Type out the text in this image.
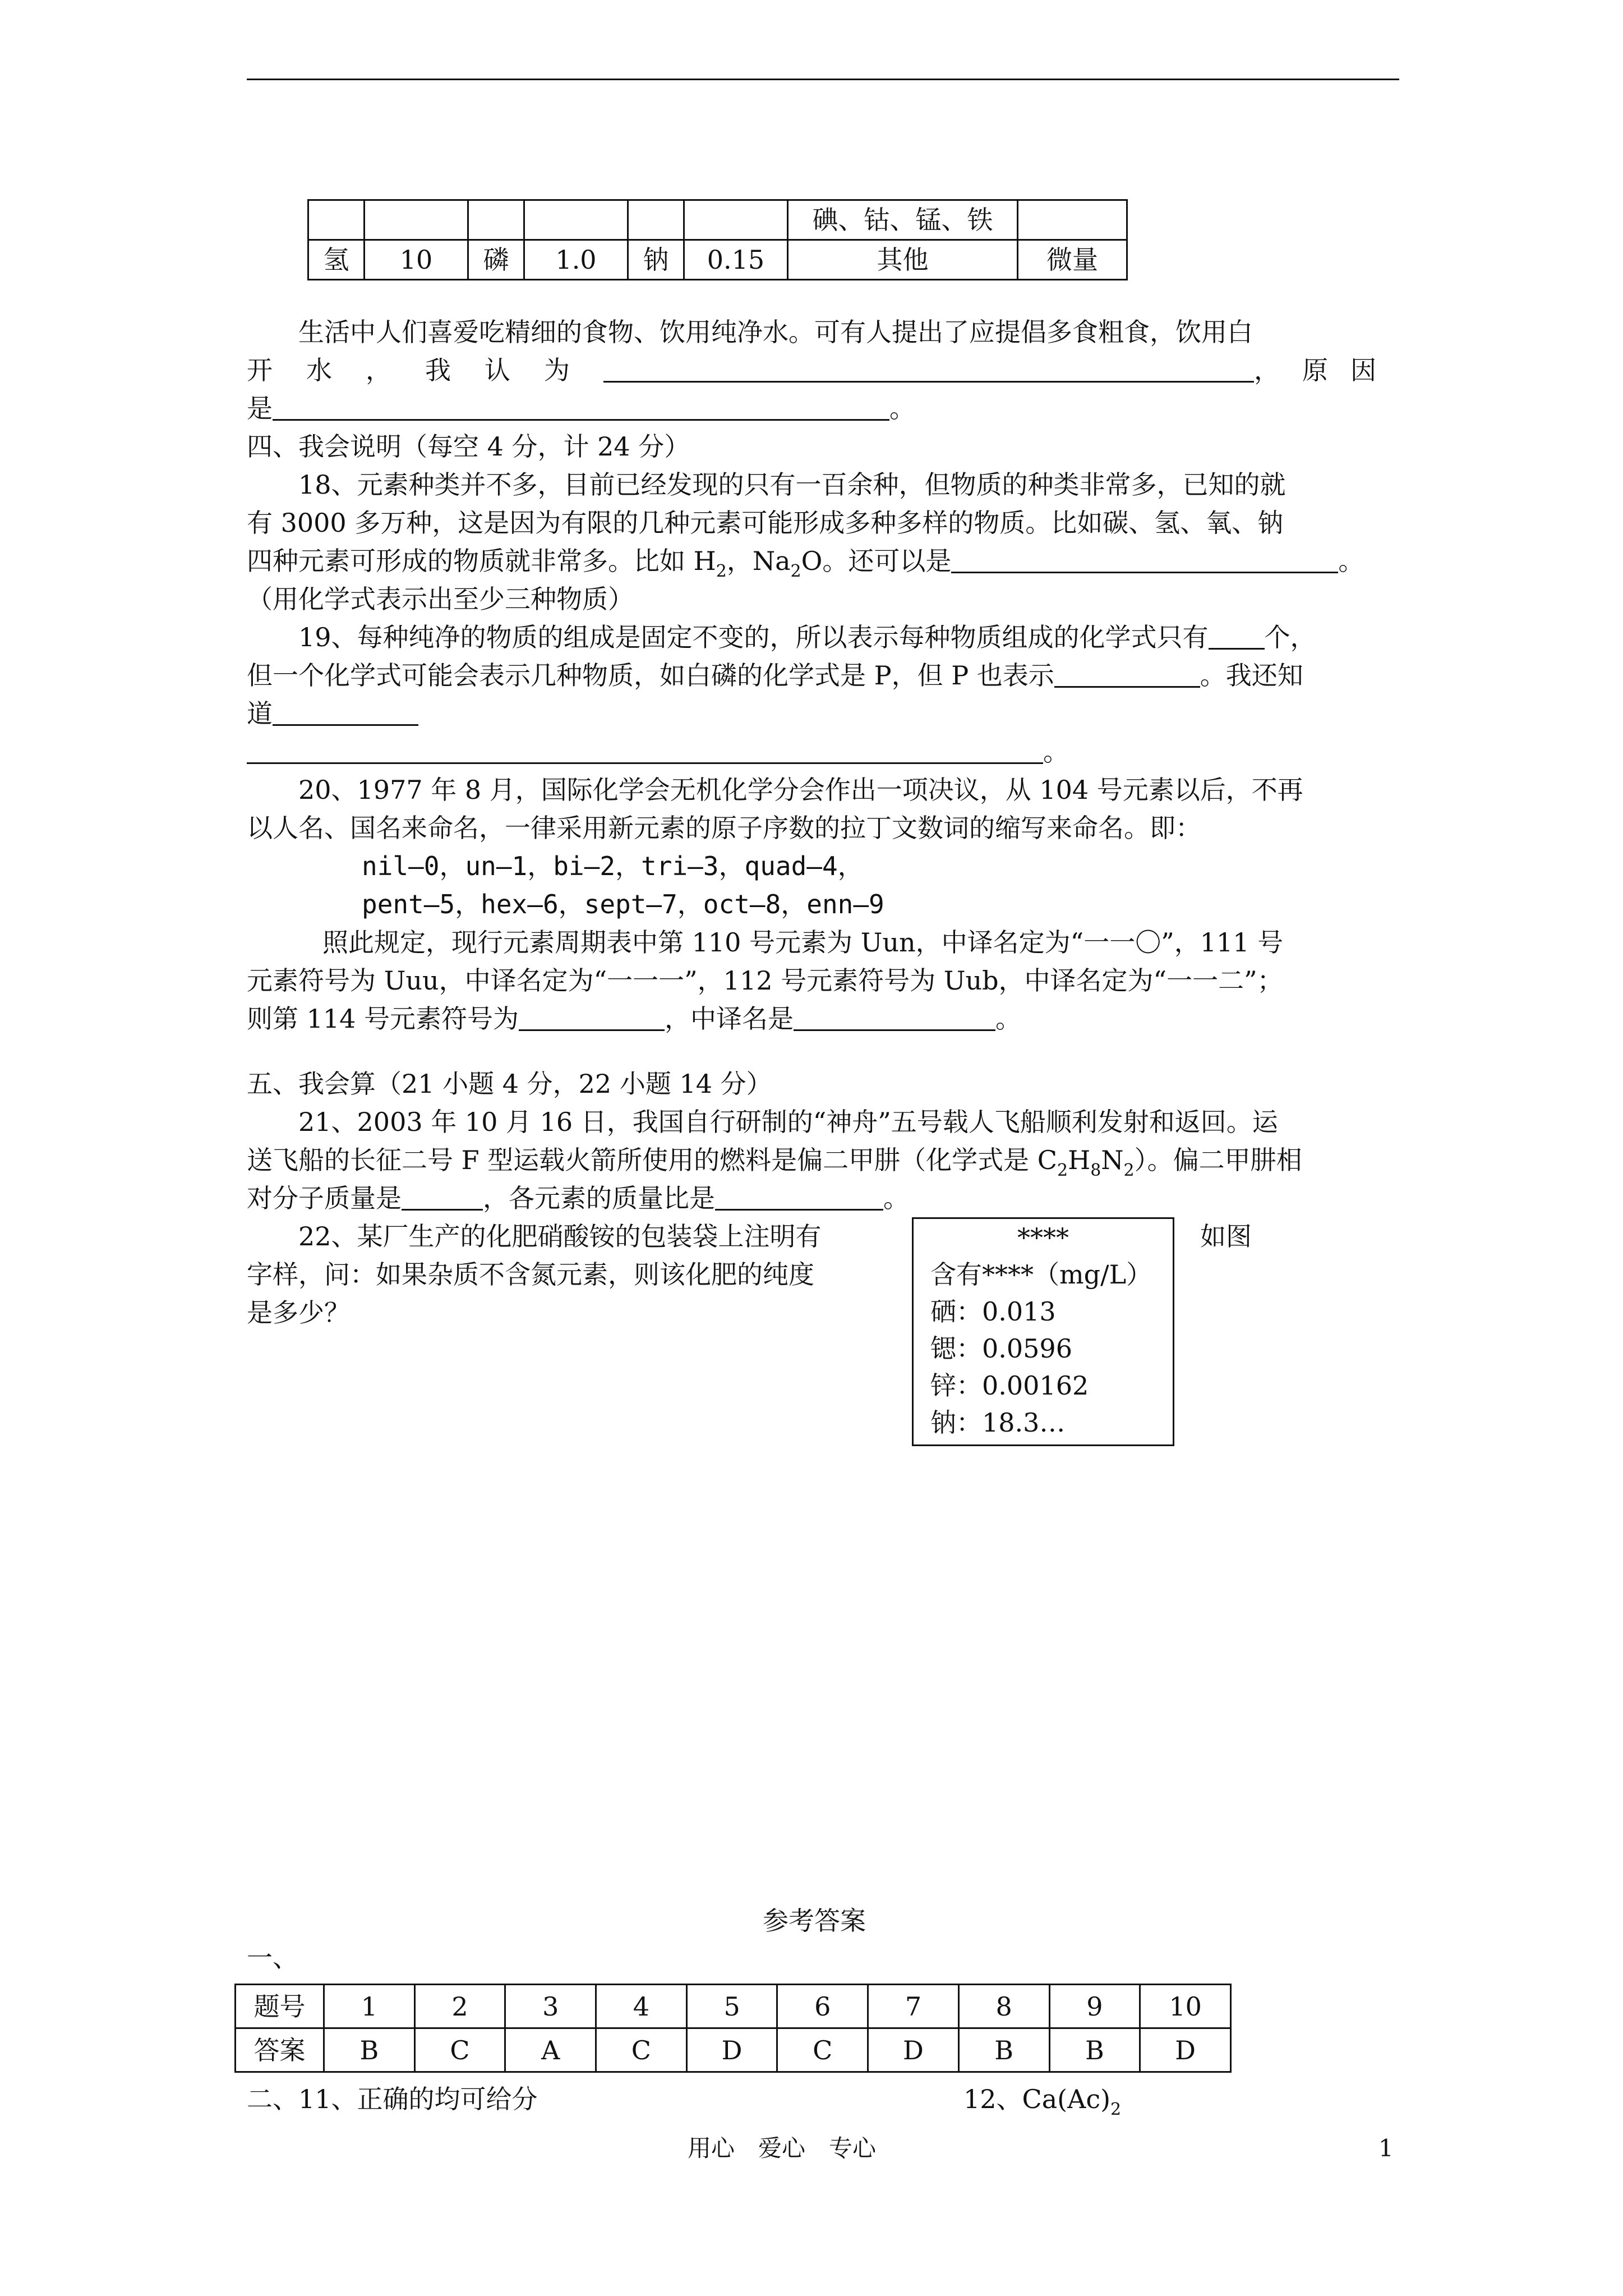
						碘、钴、锰、铁	
氢	10	磷	1.0	钠	0.15	其他	微量
生活中人们喜爱吃精细的食物、饮用纯净水。可有人提出了应提倡多食粗食，饮用白
开水，我认为	，原因
是	。
四、我会说明（每空 4 分，计 24 分）
18、元素种类并不多，目前已经发现的只有一百余种，但物质的种类非常多，已知的就
有 3000 多万种，这是因为有限的几种元素可能形成多种多样的物质。比如碳、氢、氧、钠
四种元素可形成的物质就非常多。比如 $H_2$，$Na_2O$。还可以是	。
（用化学式表示出至少三种物质）
19、每种纯净的物质的组成是固定不变的，所以表示每种物质组成的化学式只有 个，
但一个化学式可能会表示几种物质，如白磷的化学式是 P，但 P 也表示	。我还知
道
。
20、1977 年 8 月，国际化学会无机化学分会作出一项决议，从 104 号元素以后，不再
以人名、国名来命名，一律采用新元素的原子序数的拉丁文数词的缩写来命名。即：
nil—0，un—1，bi—2，tri—3，quad—4，
pent—5，hex—6，sept—7，oct—8，enn—9
照此规定，现行元素周期表中第 110 号元素为 Uun，中译名定为“一一〇”，111 号
元素符号为 Uuu，中译名定为“一一一”，112 号元素符号为 Uub，中译名定为“一一二”；
则第 114 号元素符号为	，中译名是	。
五、我会算（21 小题 4 分，22 小题 14 分）
21、2003 年 10 月 16 日，我国自行研制的“神舟”五号载人飞船顺利发射和返回。运
送飞船的长征二号 F 型运载火箭所使用的燃料是偏二甲肼（化学式是 $C_2H_8N_2$）。偏二甲肼相
对分子质量是	，各元素的质量比是	。
22、某厂生产的化肥硝酸铵的包装袋上注明有	如图
字样，问：如果杂质不含氮元素，则该化肥的纯度
是多少？
****
含有****（mg/L）
硒：0.013
锶：0.0596
锌：0.00162
钠：18.3…
参考答案
一、
题号	1	2	3	4	5	6	7	8	9	10
答案	B	C	A	C	D	C	D	B	B	D
二、11、正确的均可给分	12、$Ca(Ac)_2$
用心　爱心　专心	1
